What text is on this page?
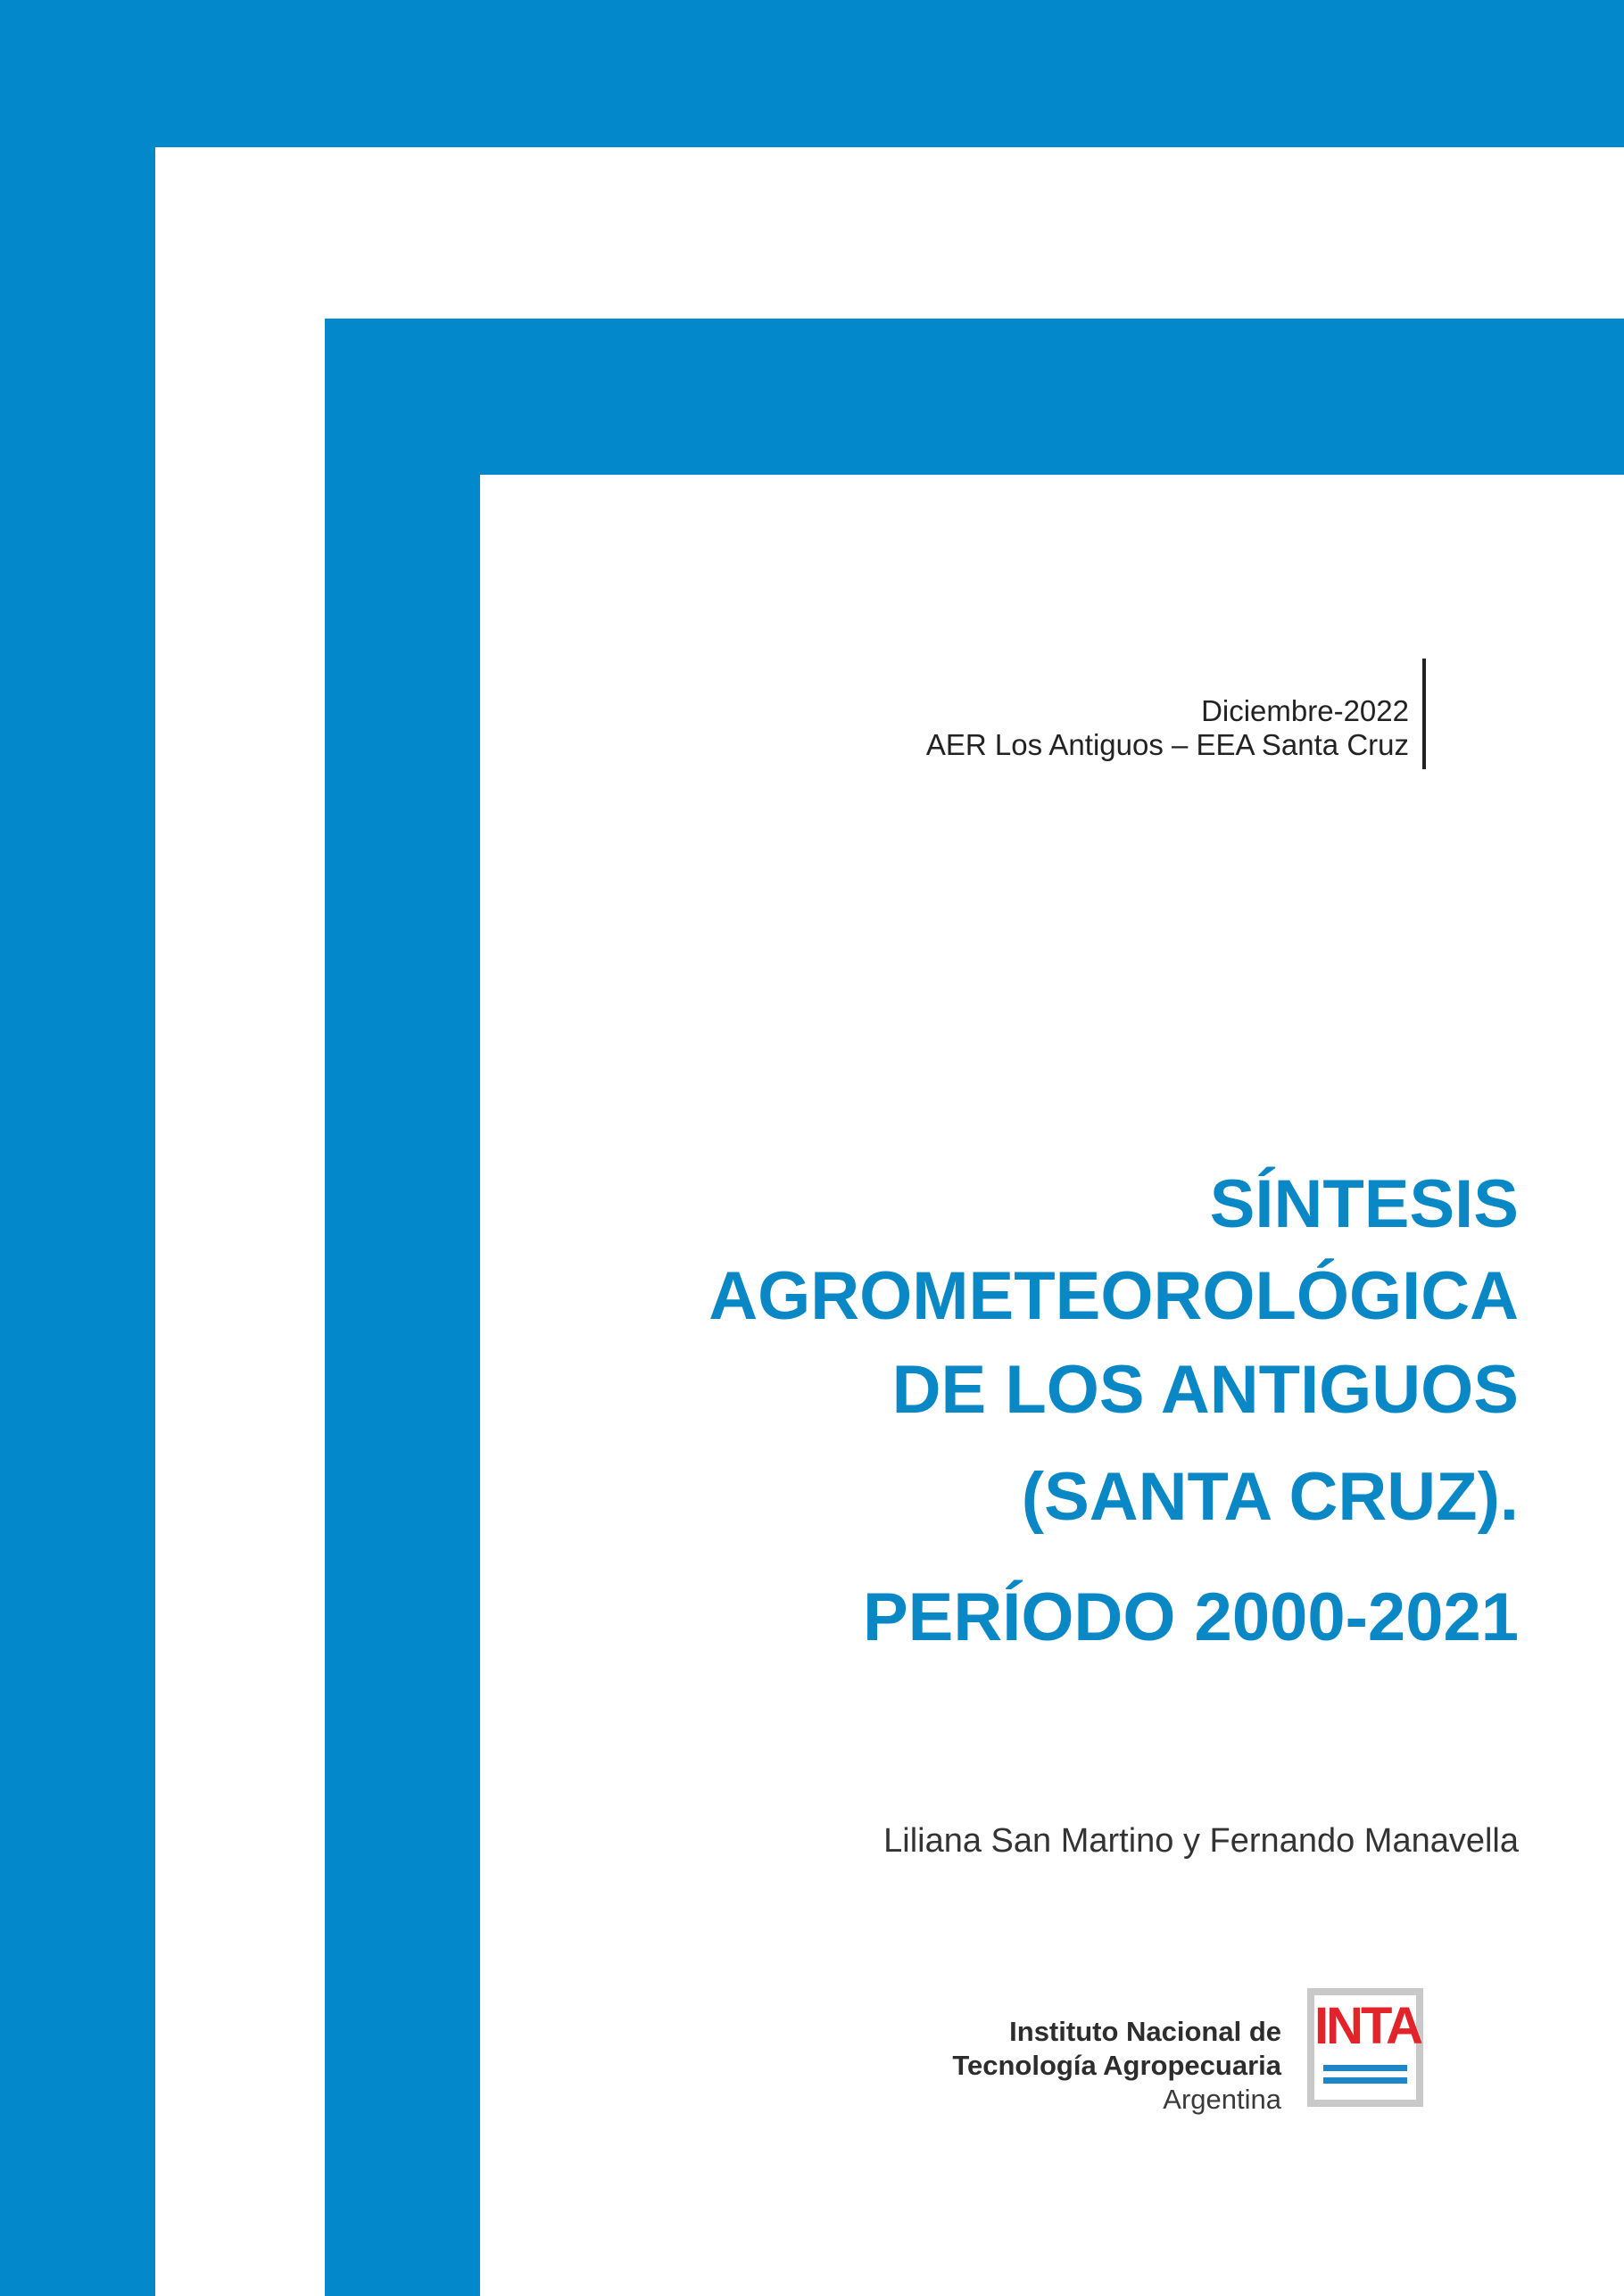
Diciembre-2022
AER Los Antiguos – EEA Santa Cruz
SÍNTESIS
AGROMETEOROLÓGICA
DE LOS ANTIGUOS
(SANTA CRUZ).
PERÍODO 2000-2021
Liliana San Martino y Fernando Manavella
Instituto Nacional de
Tecnología Agropecuaria
Argentina
INTA
